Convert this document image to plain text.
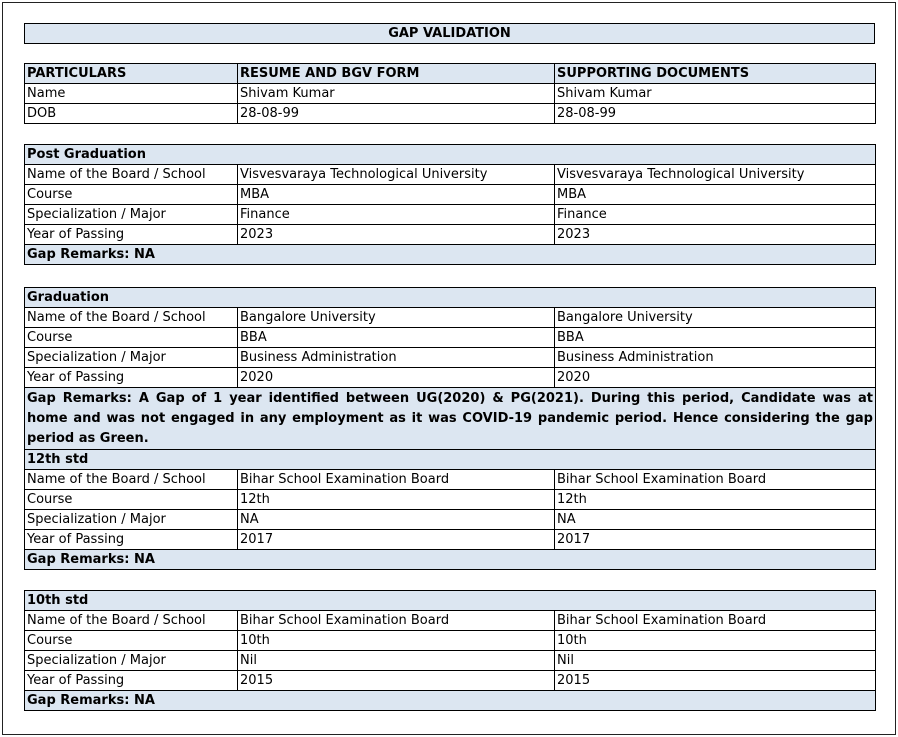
GAP VALIDATION
PARTICULARS	RESUME AND BGV FORM	SUPPORTING DOCUMENTS
Name	Shivam Kumar	Shivam Kumar
DOB	28-08-99	28-08-99
Post Graduation		
Name of the Board / School	Visvesvaraya Technological University	Visvesvaraya Technological University
Course	MBA	MBA
Specialization / Major	Finance	Finance
Year of Passing	2023	2023
Gap Remarks: NA		
Graduation		
Name of the Board / School	Bangalore University	Bangalore University
Course	BBA	BBA
Specialization / Major	Business Administration	Business Administration
Year of Passing	2020	2020
Gap Remarks: A Gap of 1 year identified between UG(2020) & PG(2021). During this period, Candidate was at home and was not engaged in any employment as it was COVID-19 pandemic period. Hence considering the gap period as Green.		
12th std		
Name of the Board / School	Bihar School Examination Board	Bihar School Examination Board
Course	12th	12th
Specialization / Major	NA	NA
Year of Passing	2017	2017
Gap Remarks: NA		
10th std		
Name of the Board / School	Bihar School Examination Board	Bihar School Examination Board
Course	10th	10th
Specialization / Major	Nil	Nil
Year of Passing	2015	2015
Gap Remarks: NA		
